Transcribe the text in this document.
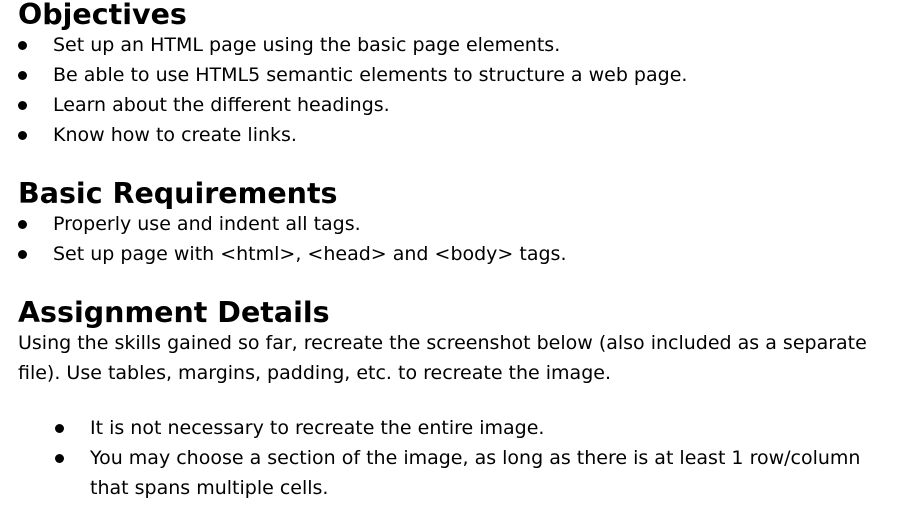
Objectives
Set up an HTML page using the basic page elements.
Be able to use HTML5 semantic elements to structure a web page.
Learn about the different headings.
Know how to create links.
Basic Requirements
Properly use and indent all tags.
Set up page with <html>, <head> and <body> tags.
Assignment Details

Using the skills gained so far, recreate the screenshot below (also included as a separate file). Use tables, margins, padding, etc. to recreate the image.

It is not necessary to recreate the entire image.
You may choose a section of the image, as long as there is at least 1 row/column that spans multiple cells.
